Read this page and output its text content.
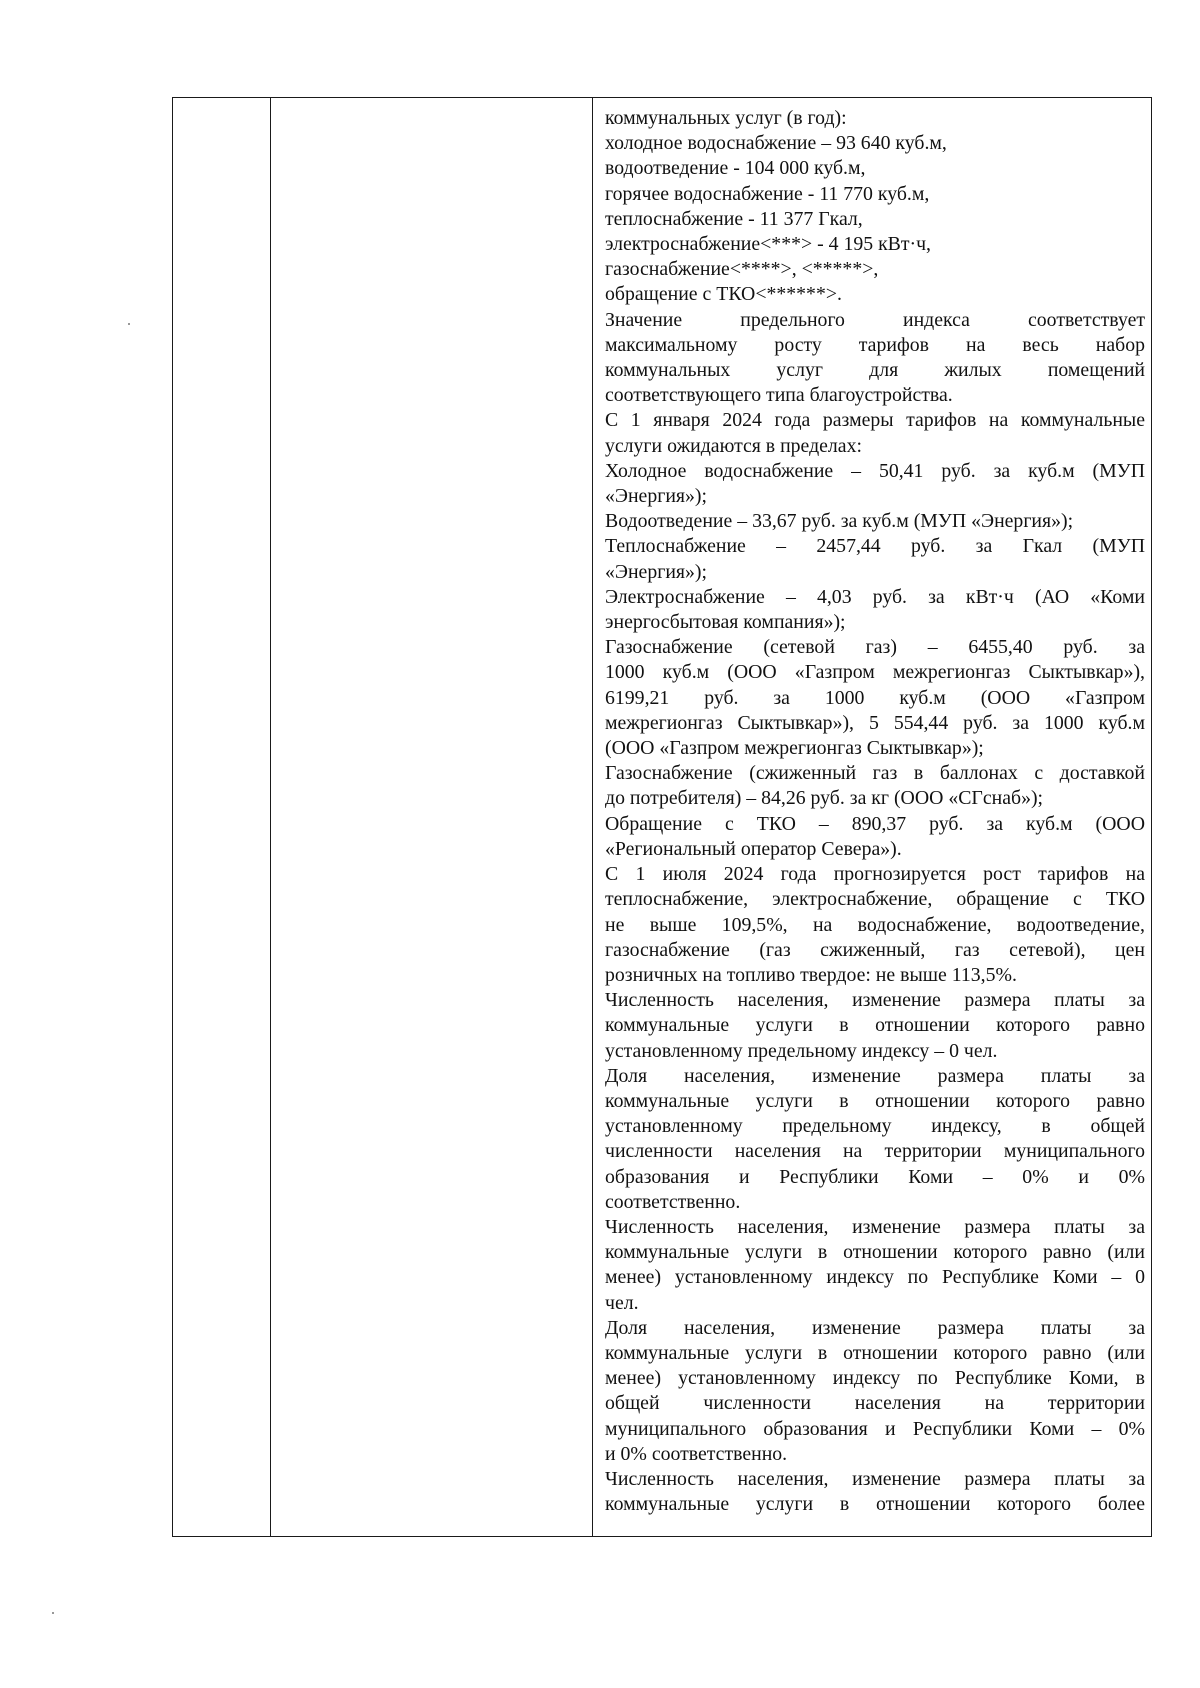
коммунальных услуг (в год):
холодное водоснабжение – 93 640 куб.м,
водоотведение - 104 000 куб.м,
горячее водоснабжение - 11 770 куб.м,
теплоснабжение - 11 377 Гкал,
электроснабжение<***> - 4 195 кВт·ч,
газоснабжение<****>, <*****>,
обращение с ТКО<******>.
Значение предельного индекса соответствует
максимальному росту тарифов на весь набор
коммунальных услуг для жилых помещений
соответствующего типа благоустройства.
С 1 января 2024 года размеры тарифов на коммунальные
услуги ожидаются в пределах:
Холодное водоснабжение – 50,41 руб. за куб.м (МУП
«Энергия»);
Водоотведение – 33,67 руб. за куб.м (МУП «Энергия»);
Теплоснабжение – 2457,44 руб. за Гкал (МУП
«Энергия»);
Электроснабжение – 4,03 руб. за кВт·ч (АО «Коми
энергосбытовая компания»);
Газоснабжение (сетевой газ) – 6455,40 руб. за
1000 куб.м (ООО «Газпром межрегионгаз Сыктывкар»),
6199,21 руб. за 1000 куб.м (ООО «Газпром
межрегионгаз Сыктывкар»), 5 554,44 руб. за 1000 куб.м
(ООО «Газпром межрегионгаз Сыктывкар»);
Газоснабжение (сжиженный газ в баллонах с доставкой
до потребителя) – 84,26 руб. за кг (ООО «СГснаб»);
Обращение с ТКО – 890,37 руб. за куб.м (ООО
«Региональный оператор Севера»).
С 1 июля 2024 года прогнозируется рост тарифов на
теплоснабжение, электроснабжение, обращение с ТКО
не выше 109,5%, на водоснабжение, водоотведение,
газоснабжение (газ сжиженный, газ сетевой), цен
розничных на топливо твердое: не выше 113,5%.
Численность населения, изменение размера платы за
коммунальные услуги в отношении которого равно
установленному предельному индексу – 0 чел.
Доля населения, изменение размера платы за
коммунальные услуги в отношении которого равно
установленному предельному индексу, в общей
численности населения на территории муниципального
образования и Республики Коми – 0% и 0%
соответственно.
Численность населения, изменение размера платы за
коммунальные услуги в отношении которого равно (или
менее) установленному индексу по Республике Коми – 0
чел.
Доля населения, изменение размера платы за
коммунальные услуги в отношении которого равно (или
менее) установленному индексу по Республике Коми, в
общей численности населения на территории
муниципального образования и Республики Коми – 0%
и 0% соответственно.
Численность населения, изменение размера платы за
коммунальные услуги в отношении которого более
